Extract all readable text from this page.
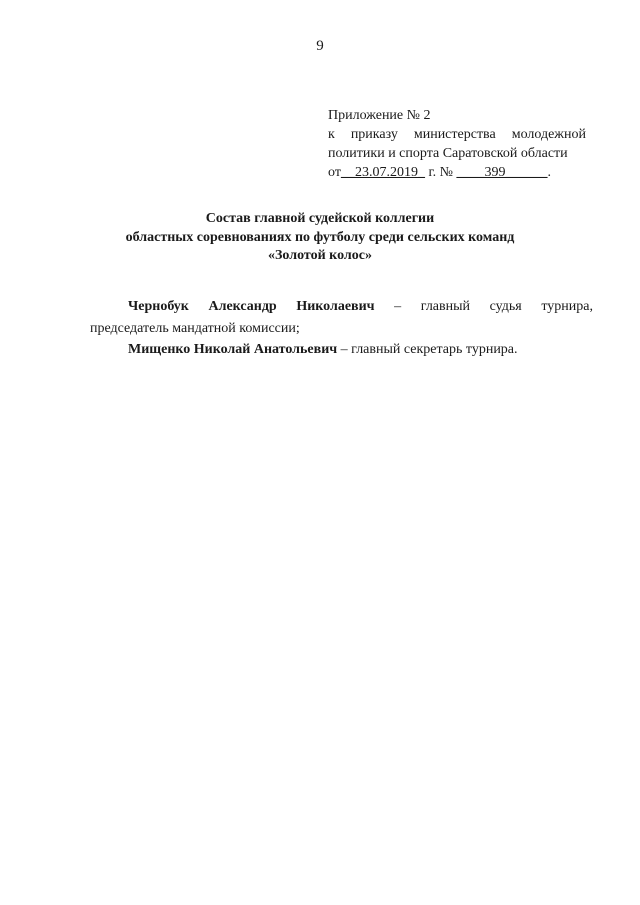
9
Приложение № 2
к приказу министерства молодежной
политики и спорта Саратовской области
от__23.07.2019_ г. № ____399______.
Состав главной судейской коллегии
областных соревнованиях по футболу среди сельских команд
«Золотой колос»
Чернобук Александр Николаевич – главный судья турнира,
председатель мандатной комиссии;
Мищенко Николай Анатольевич – главный секретарь турнира.
